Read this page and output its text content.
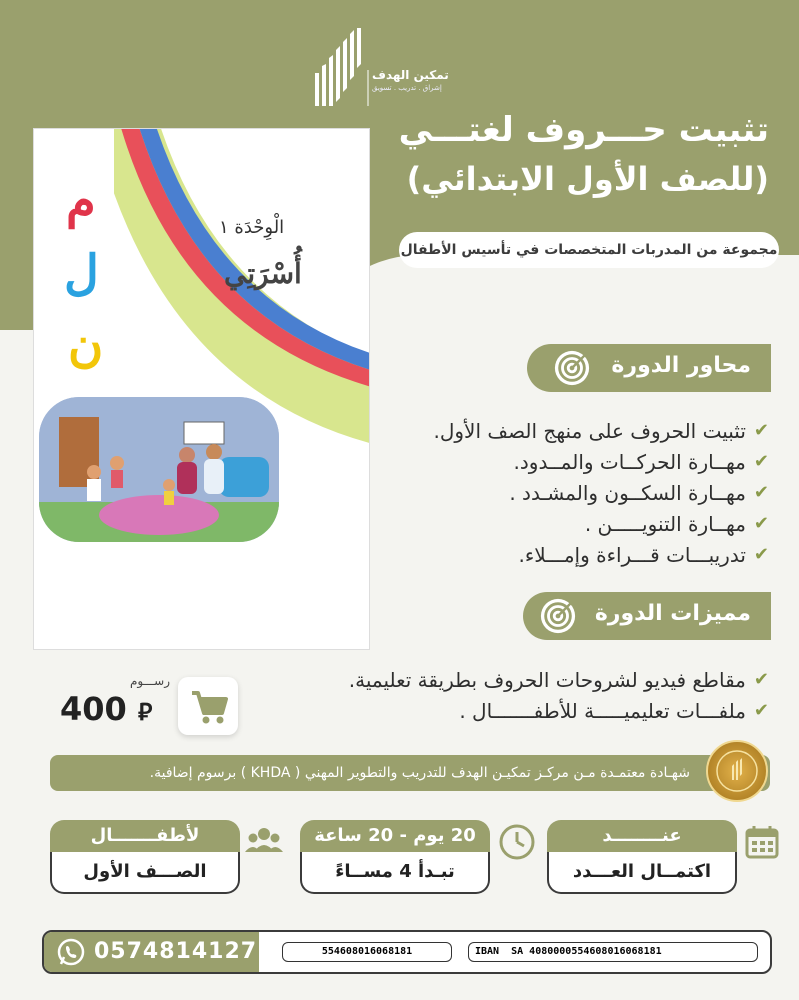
تمكين الهدف
إشراق . تدريب . تسويق
تثبيت حـــروف لغتـــي
(للصف الأول الابتدائي)
مجموعة من المدربات المتخصصات في تأسيس الأطفال
م
ل
ن
الْوِحْدَة ١
أُسْرَتِي
محاور الدورة
✔
تثبيت الحروف على منهج الصف الأول.
✔
مهــارة الحركــات والمــدود.
✔
مهــارة السكــون والمشـدد .
✔
مهــارة التنويـــــن .
✔
تدريبـــات قـــراءة وإمـــلاء.
مميزات الدورة
✔
مقاطع فيديو لشروحات الحروف بطريقة تعليمية.
✔
ملفـــات تعليميـــــة للأطفـــــــال .
رســـوم
400 ⃁
شهـادة معتمـدة مـن مركـز تمكيـن الهدف للتدريب والتطوير المهني ( KHDA ) برسوم إضافية.
لأطفـــــــال
الصـــف الأول
20 يوم - 20 ساعة
تبـدأ 4 مســاءً
عنــــــــد
اكتمــال العـــدد
0574814127	554608016068181	IBAN SA 4080000554608016068181
